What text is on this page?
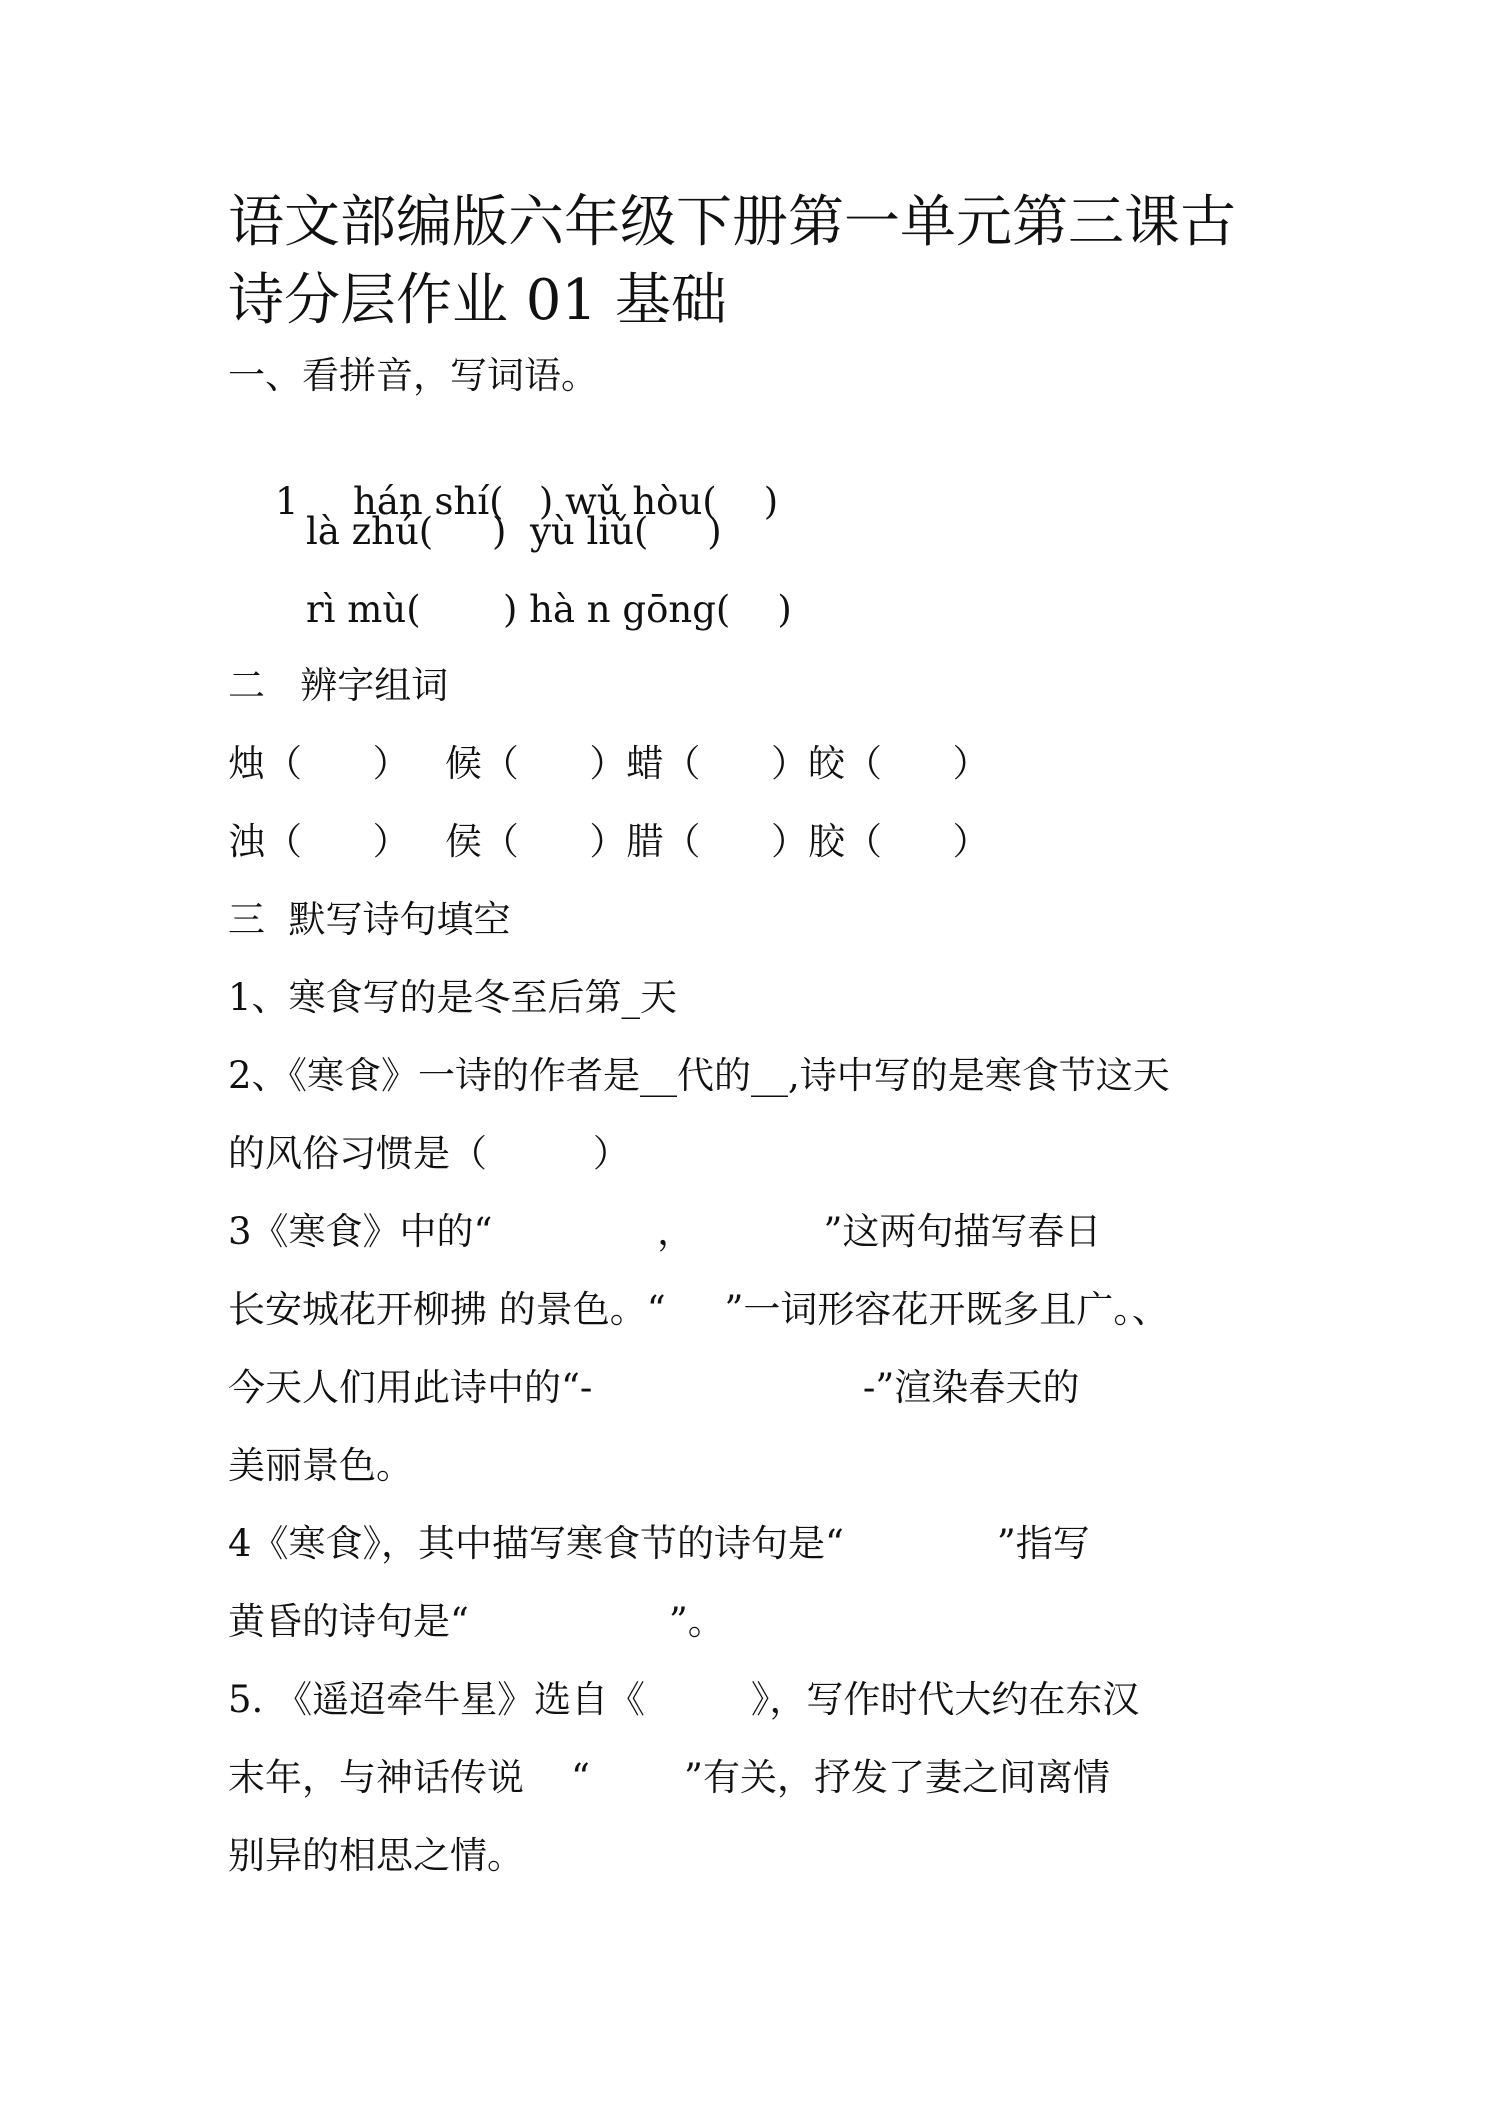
语文部编版六年级下册第一单元第三课古
诗分层作业 01 基础
一、看拼音，写词语。

1 hán shí(   ) wǔ hòu(    )

là zhú(     )  yù liǔ(     )
rì mù(       ) hà n gōng(    )
二   辨字组词
烛（      ）   候（      ）蜡（      ）皎（      ）
浊（      ）   侯（      ）腊（      ）胶（      ）
三  默写诗句填空
1、寒食写的是冬至后第_天
2、《寒食》一诗的作者是__代的__,诗中写的是寒食节这天
的风俗习惯是（         ）
3《寒食》中的“              ，           ”这两句描写春日
长安城花开柳拂 的景色。“     ”一词形容花开既多且广。、
今天人们用此诗中的“-                       -”渲染春天的
美丽景色。
4《寒食》，其中描写寒食节的诗句是“             ”指写
黄昏的诗句是“                 ”。
5. 《遥迢牵牛星》选自《         》，写作时代大约在东汉
末年，与神话传说    “        ”有关，抒发了妻之间离情
别异的相思之情。
